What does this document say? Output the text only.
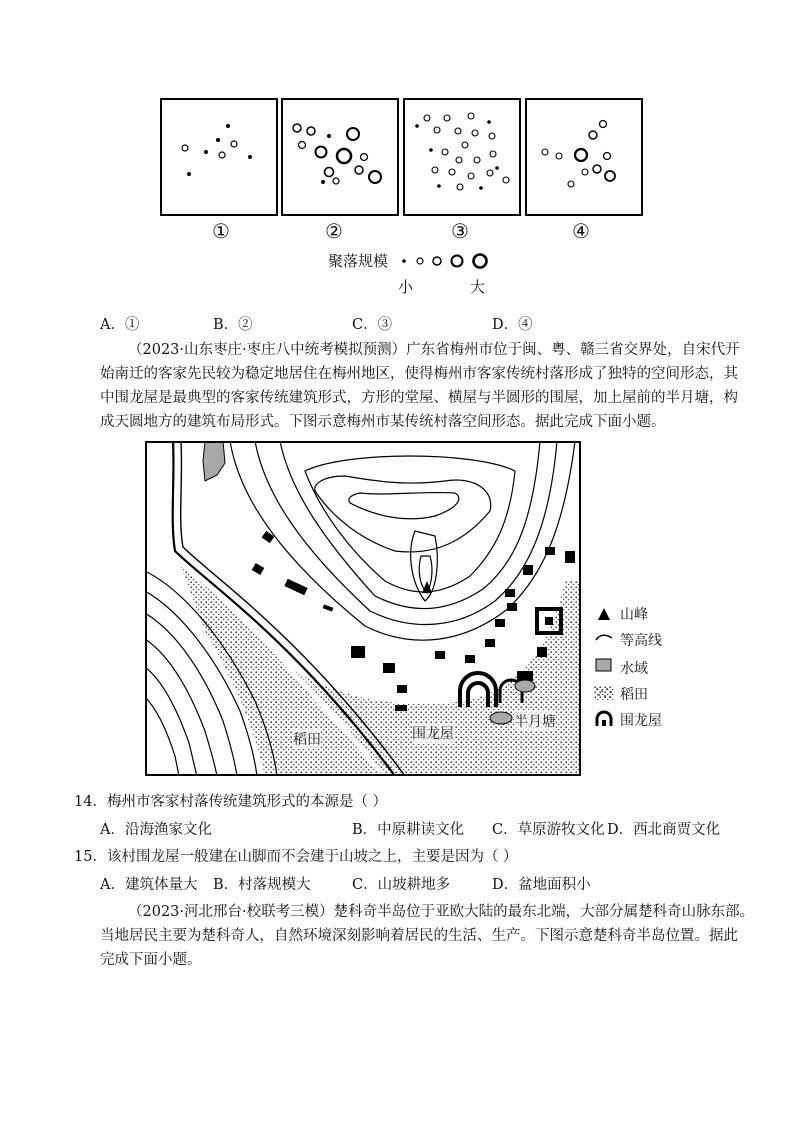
①	②	③	④
聚落规模
小	大
A．①	B．②	C．③	D．④
（2023·山东枣庄·枣庄八中统考模拟预测）广东省梅州市位于闽、粤、赣三省交界处，自宋代开
始南迁的客家先民较为稳定地居住在梅州地区，使得梅州市客家传统村落形成了独特的空间形态，其
中围龙屋是最典型的客家传统建筑形式，方形的堂屋、横屋与半圆形的围屋，加上屋前的半月塘，构
成天圆地方的建筑布局形式。下图示意梅州市某传统村落空间形态。据此完成下面小题。
稻田	围龙屋
半月塘
山峰
等高线
水域
稻田
围龙屋
14．梅州市客家村落传统建筑形式的本源是（ ）
A．沿海渔家文化	B．中原耕读文化 C．草原游牧文化 D．西北商贾文化
15．该村围龙屋一般建在山脚而不会建于山坡之上，主要是因为（ ）
A．建筑体量大 B．村落规模大	C．山坡耕地多	D．盆地面积小
（2023·河北邢台·校联考三模）楚科奇半岛位于亚欧大陆的最东北端，大部分属楚科奇山脉东部。
当地居民主要为楚科奇人，自然环境深刻影响着居民的生活、生产。下图示意楚科奇半岛位置。据此
完成下面小题。
